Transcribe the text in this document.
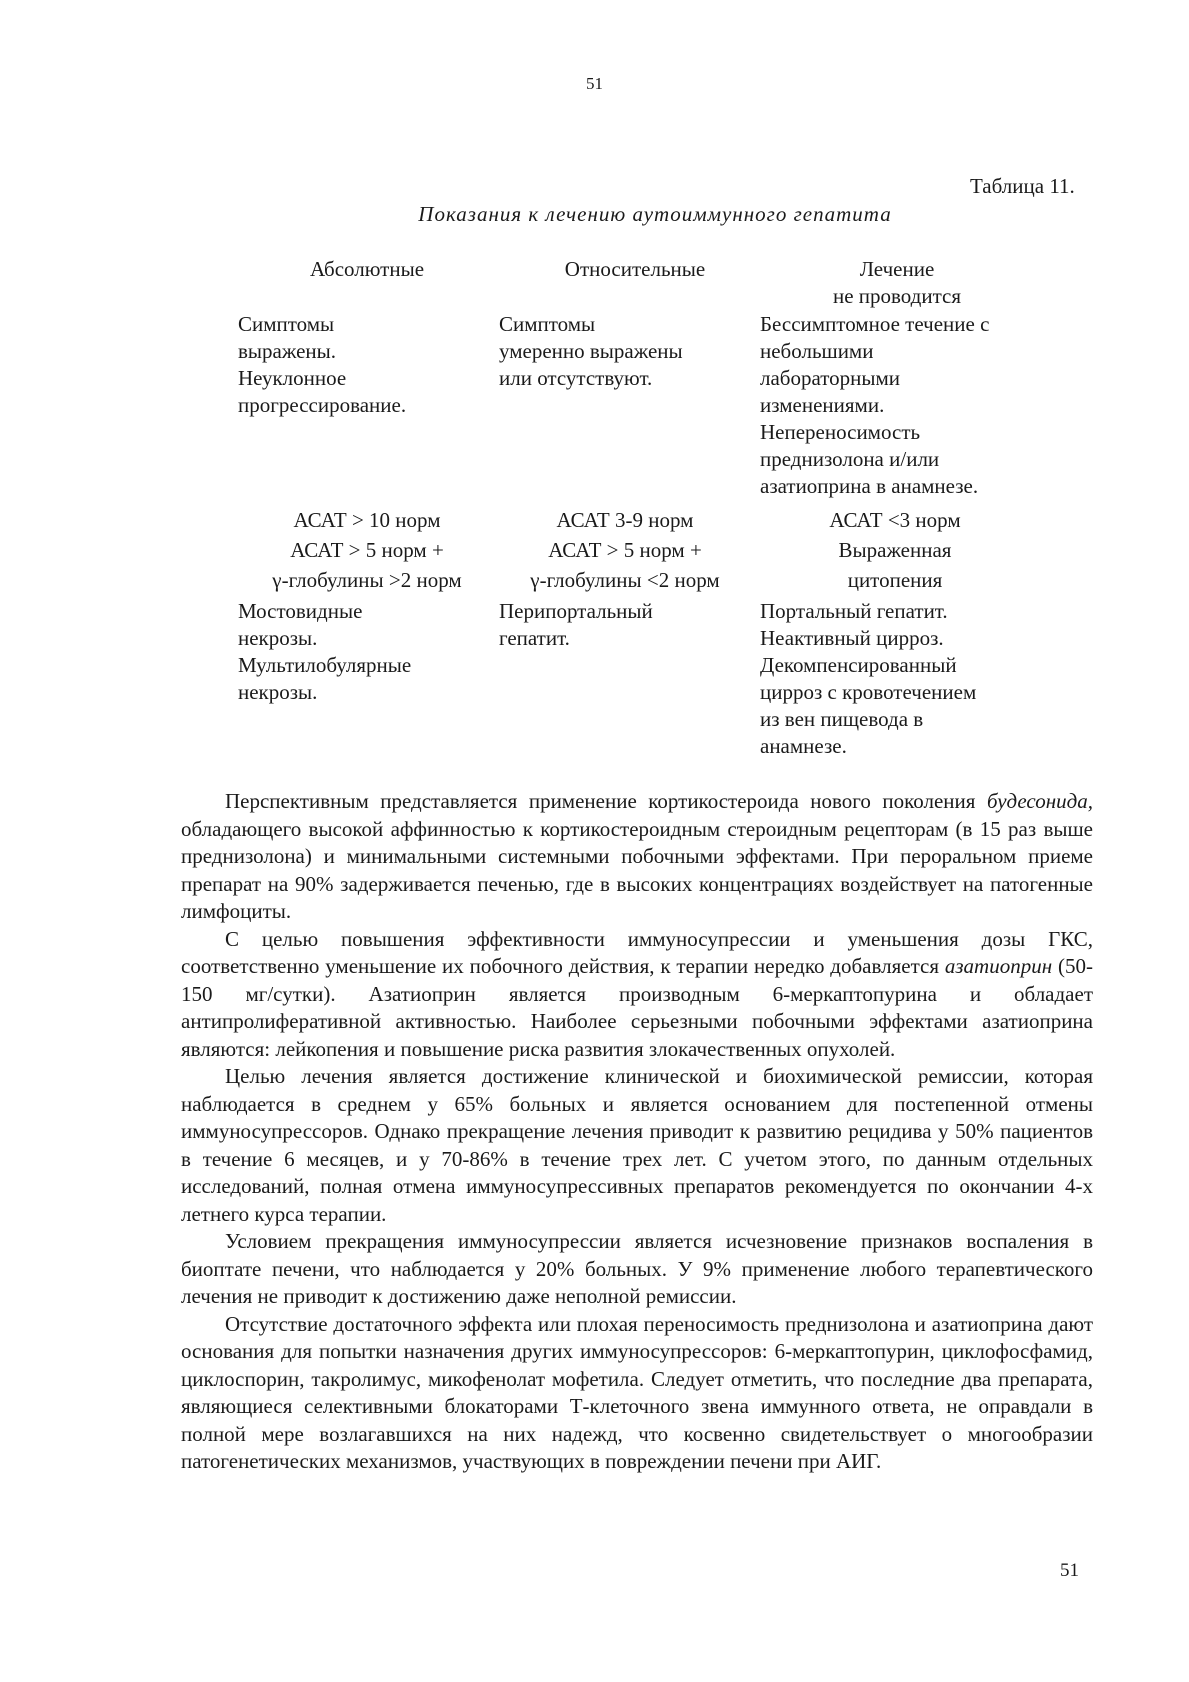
51
Таблица 11.
Показания к лечению аутоиммунного гепатита
Абсолютные	Относительные	Лечение
не проводится
Симптомы
выражены.
Неуклонное
прогрессирование.
Симптомы
умеренно выражены
или отсутствуют.
Бессимптомное течение с
небольшими
лабораторными
изменениями.
Непереносимость
преднизолона и/или
азатиоприна в анамнезе.
АСАТ > 10 норм
АСАТ > 5 норм +
γ-глобулины >2 норм
АСАТ 3-9 норм
АСАТ > 5 норм +
γ-глобулины <2 норм
АСАТ <3 норм
Выраженная
цитопения
Мостовидные
некрозы.
Мультилобулярные
некрозы.
Перипортальный
гепатит.
Портальный гепатит.
Неактивный цирроз.
Декомпенсированный
цирроз с кровотечением
из вен пищевода в
анамнезе.

Перспективным представляется применение кортикостероида нового поколения будесонида, обладающего высокой аффинностью к кортикостероидным стероидным рецепторам (в 15 раз выше преднизолона) и минимальными системными побочными эффектами. При пероральном приеме препарат на 90% задерживается печенью, где в высоких концентрациях воздействует на патогенные лимфоциты.

С целью повышения эффективности иммуносупрессии и уменьшения дозы ГКС, соответственно уменьшение их побочного действия, к терапии нередко добавляется азатиоприн (50- 150 мг/сутки). Азатиоприн является производным 6-меркаптопурина и обладает антипролиферативной активностью. Наиболее серьезными побочными эффектами азатиоприна являются: лейкопения и повышение риска развития злокачественных опухолей.

Целью лечения является достижение клинической и биохимической ремиссии, которая наблюдается в среднем у 65% больных и является основанием для постепенной отмены иммуносупрессоров. Однако прекращение лечения приводит к развитию рецидива у 50% пациентов в течение 6 месяцев, и у 70-86% в течение трех лет. С учетом этого, по данным отдельных исследований, полная отмена иммуносупрессивных препаратов рекомендуется по окончании 4-х летнего курса терапии.

Условием прекращения иммуносупрессии является исчезновение признаков воспаления в биоптате печени, что наблюдается у 20% больных. У 9% применение любого терапевтического лечения не приводит к достижению даже неполной ремиссии.

Отсутствие достаточного эффекта или плохая переносимость преднизолона и азатиоприна дают основания для попытки назначения других иммуносупрессоров: 6-меркаптопурин, циклофосфамид, циклоспорин, такролимус, микофенолат мофетила. Следует отметить, что последние два препарата, являющиеся селективными блокаторами Т-клеточного звена иммунного ответа, не оправдали в полной мере возлагавшихся на них надежд, что косвенно свидетельствует о многообразии патогенетических механизмов, участвующих в повреждении печени при АИГ.

51
